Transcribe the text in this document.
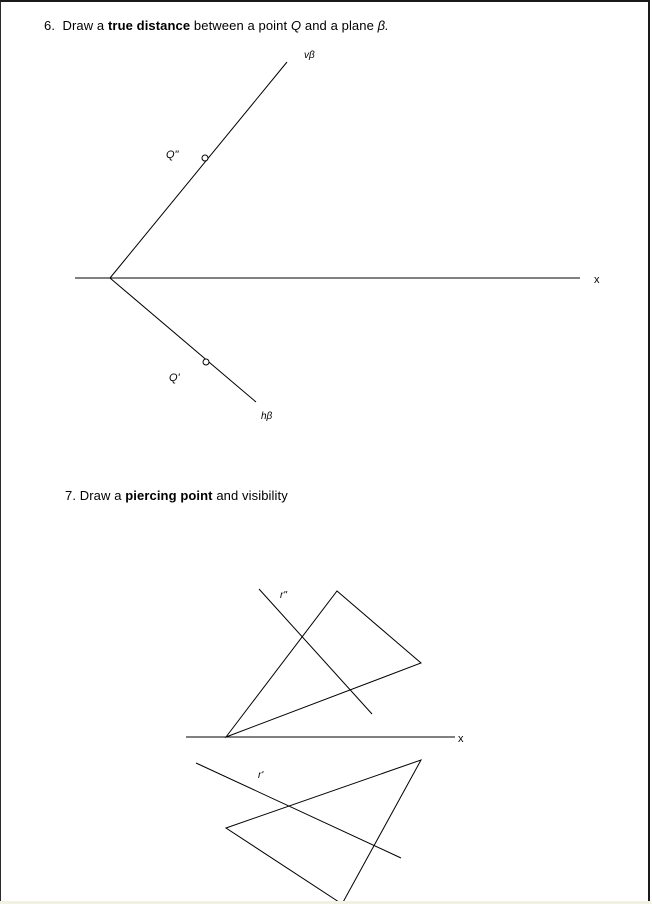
6. Draw a true distance between a point Q and a plane β.
vβ
Q"
x
Q'
hβ
r"
x
r'
7. Draw a piercing point and visibility
